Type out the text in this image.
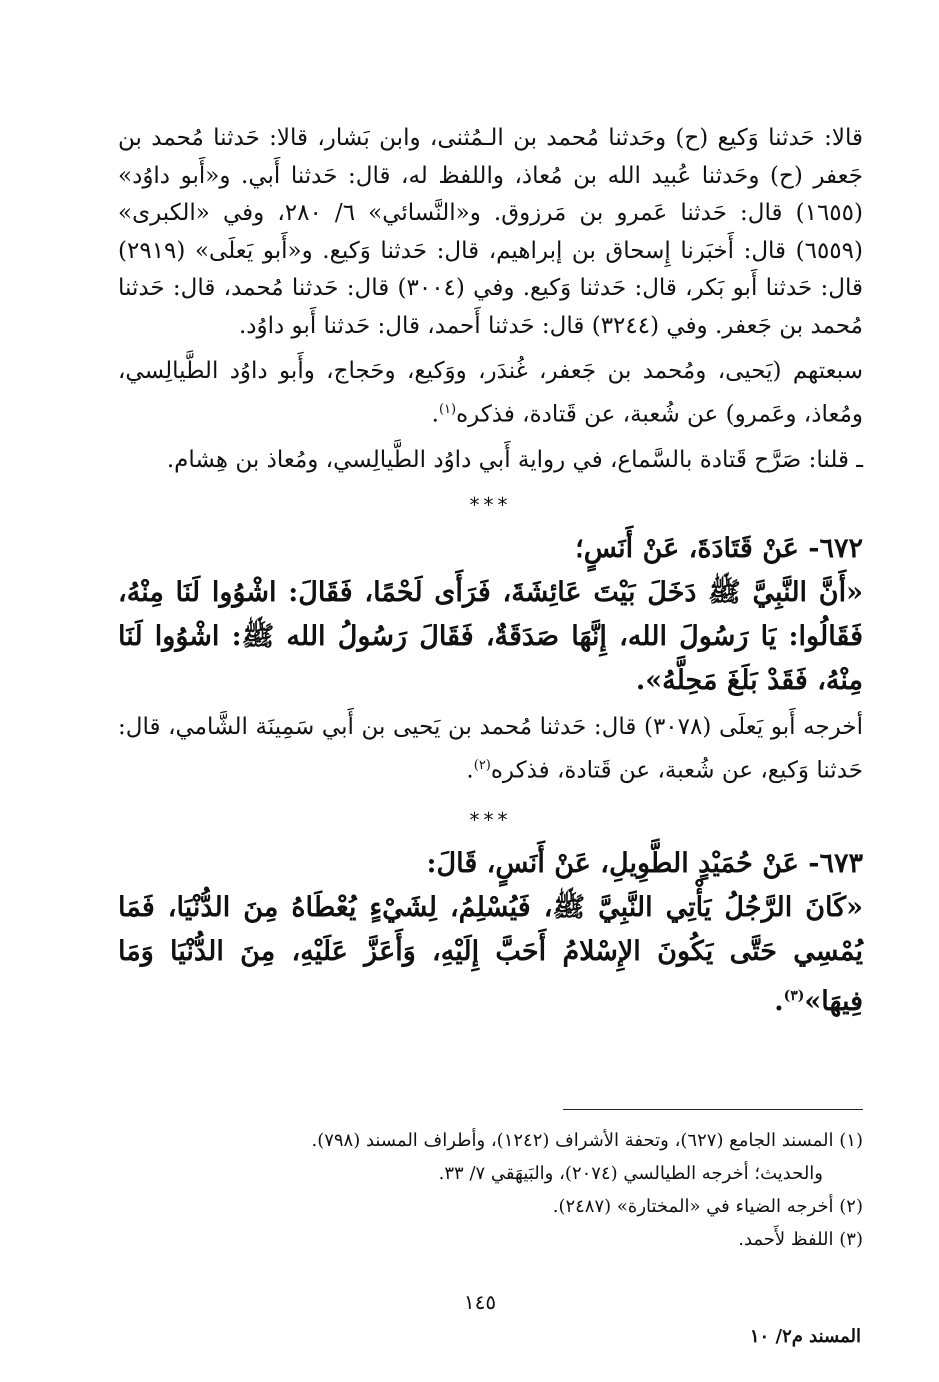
قالا: حَدثنا وَكيع (ح) وحَدثنا مُحمد بن الـمُثنى، وابن بَشار، قالا: حَدثنا مُحمد بن جَعفر (ح) وحَدثنا عُبيد الله بن مُعاذ، واللفظ له، قال: حَدثنا أَبي. و«أَبو داوُد» (١٦٥٥) قال: حَدثنا عَمرو بن مَرزوق. و«النَّسائي» ٦/ ٢٨٠، وفي «الكبرى» (٦٥٥٩) قال: أَخبَرنا إِسحاق بن إبراهيم، قال: حَدثنا وَكيع. و«أَبو يَعلَى» (٢٩١٩) قال: حَدثنا أَبو بَكر، قال: حَدثنا وَكيع. وفي (٣٠٠٤) قال: حَدثنا مُحمد، قال: حَدثنا مُحمد بن جَعفر. وفي (٣٢٤٤) قال: حَدثنا أَحمد، قال: حَدثنا أَبو داوُد.

سبعتهم (يَحيى، ومُحمد بن جَعفر، غُندَر، ووَكيع، وحَجاج، وأَبو داوُد الطَّيالِسي، ومُعاذ، وعَمرو) عن شُعبة، عن قَتادة، فذكره$^{(١)}$.

ـ قلنا: صَرَّح قَتادة بالسَّماع، في رواية أَبي داوُد الطَّيالِسي، ومُعاذ بن هِشام.

***

٦٧٢- عَنْ قَتَادَةَ، عَنْ أَنَسٍ؛

«أَنَّ النَّبِيَّ ﷺ دَخَلَ بَيْتَ عَائِشَةَ، فَرَأَى لَحْمًا، فَقَالَ: اشْوُوا لَنَا مِنْهُ، فَقَالُوا: يَا رَسُولَ الله، إِنَّهَا صَدَقَةٌ، فَقَالَ رَسُولُ الله ﷺ: اشْوُوا لَنَا مِنْهُ، فَقَدْ بَلَغَ مَحِلَّهُ».

أخرجه أَبو يَعلَى (٣٠٧٨) قال: حَدثنا مُحمد بن يَحيى بن أَبي سَمِينَة الشَّامي، قال: حَدثنا وَكيع، عن شُعبة، عن قَتادة، فذكره$^{(٢)}$.

***

٦٧٣- عَنْ حُمَيْدٍ الطَّوِيلِ، عَنْ أَنَسٍ، قَالَ:

«كَانَ الرَّجُلُ يَأْتِي النَّبِيَّ ﷺ، فَيُسْلِمُ، لِشَيْءٍ يُعْطَاهُ مِنَ الدُّنْيَا، فَمَا يُمْسِي حَتَّى يَكُونَ الإِسْلامُ أَحَبَّ إِلَيْهِ، وَأَعَزَّ عَلَيْهِ، مِنَ الدُّنْيَا وَمَا فِيهَا»$^{(٣)}$.

(١) المسند الجامع (٦٢٧)، وتحفة الأشراف (١٢٤٢)، وأطراف المسند (٧٩٨).

والحديث؛ أخرجه الطيالسي (٢٠٧٤)، والبَيهَقي ٧/ ٣٣.

(٢) أخرجه الضياء في «المختارة» (٢٤٨٧).

(٣) اللفظ لأَحمد.

١٤٥
المسند م٢/ ١٠
